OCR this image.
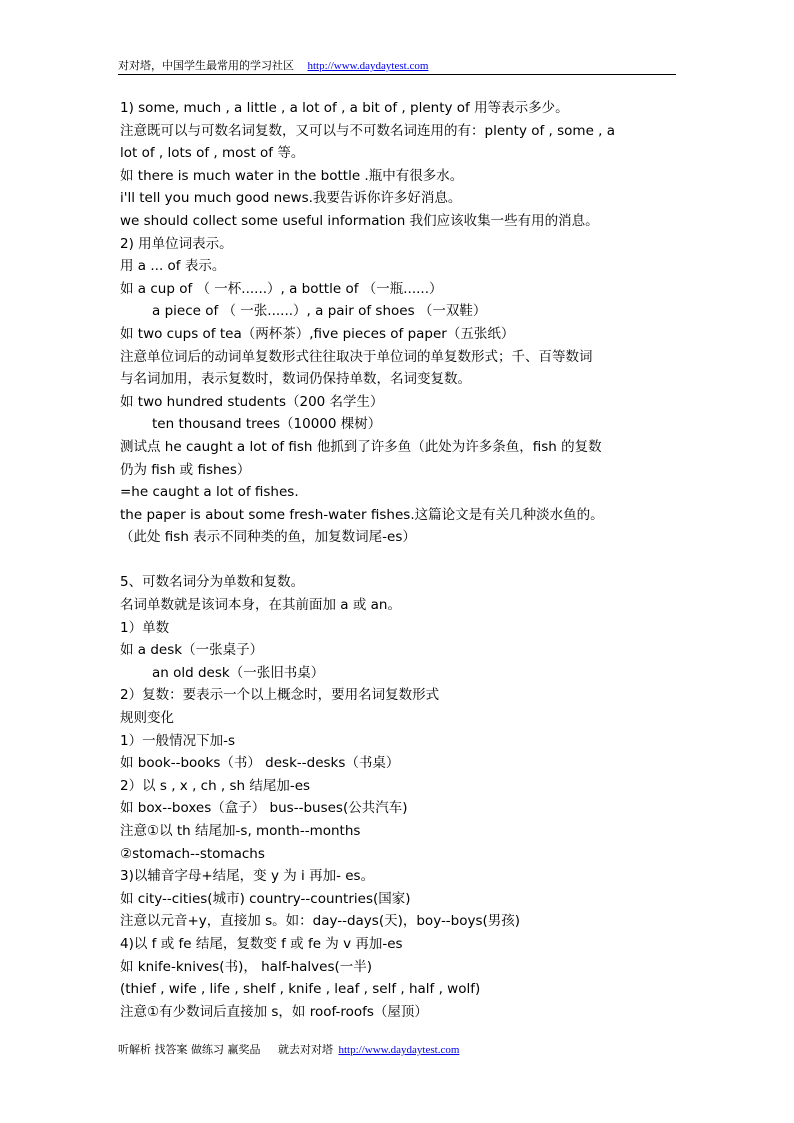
对对塔，中国学生最常用的学习社区 http://www.daydaytest.com
1) some, much , a little , a lot of , a bit of , plenty of 用等表示多少。
注意既可以与可数名词复数，又可以与不可数名词连用的有：plenty of , some , a
lot of , lots of , most of 等。
如 there is much water in the bottle .瓶中有很多水。
i'll tell you much good news.我要告诉你许多好消息。
we should collect some useful information 我们应该收集一些有用的消息。
2) 用单位词表示。
用 a ... of 表示。
如 a cup of （ 一杯......）, a bottle of （一瓶......）
a piece of （ 一张......）, a pair of shoes （一双鞋）
如 two cups of tea（两杯茶）,five pieces of paper（五张纸）
注意单位词后的动词单复数形式往往取决于单位词的单复数形式；千、百等数词
与名词加用，表示复数时，数词仍保持单数，名词变复数。
如 two hundred students（200 名学生）
ten thousand trees（10000 棵树）
测试点 he caught a lot of fish 他抓到了许多鱼（此处为许多条鱼，fish 的复数
仍为 fish 或 fishes）
=he caught a lot of fishes.
the paper is about some fresh-water fishes.这篇论文是有关几种淡水鱼的。
（此处 fish 表示不同种类的鱼，加复数词尾-es）
5、可数名词分为单数和复数。
名词单数就是该词本身，在其前面加 a 或 an。
1）单数
如 a desk（一张桌子）
an old desk（一张旧书桌）
2）复数：要表示一个以上概念时，要用名词复数形式
规则变化
1）一般情况下加-s
如 book--books（书） desk--desks（书桌）
2）以 s , x , ch , sh 结尾加-es
如 box--boxes（盒子） bus--buses(公共汽车)
注意①以 th 结尾加-s, month--months
②stomach--stomachs
3)以辅音字母+结尾，变 y 为 i 再加- es。
如 city--cities(城市) country--countries(国家)
注意以元音+y，直接加 s。如：day--days(天)，boy--boys(男孩)
4)以 f 或 fe 结尾，复数变 f 或 fe 为 v 再加-es
如 knife-knives(书)， half-halves(一半)
(thief , wife , life , shelf , knife , leaf , self , half , wolf)
注意①有少数词后直接加 s，如 roof-roofs（屋顶）
听解析 找答案 做练习 赢奖品 就去对对塔 http://www.daydaytest.com
